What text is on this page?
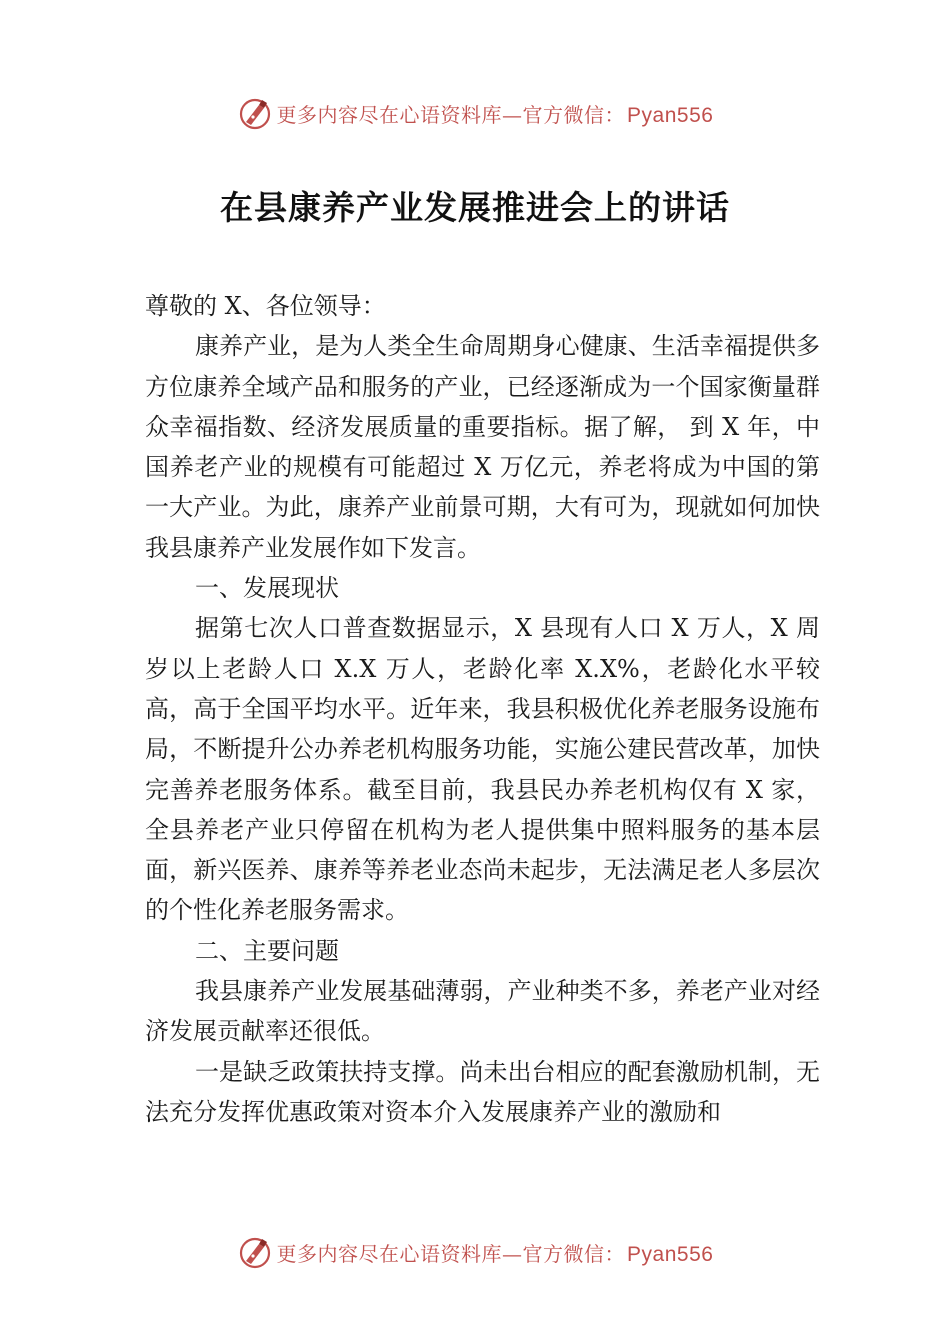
更多内容尽在心语资料库—官方微信：Pyan556
在县康养产业发展推进会上的讲话

尊敬的 X、各位领导：

康养产业，是为人类全生命周期身心健康、生活幸福提供多方位康养全域产品和服务的产业，已经逐渐成为一个国家衡量群众幸福指数、经济发展质量的重要指标。据了解， 到 X 年，中国养老产业的规模有可能超过 X 万亿元，养老将成为中国的第一大产业。为此，康养产业前景可期，大有可为，现就如何加快我县康养产业发展作如下发言。

一、发展现状

据第七次人口普查数据显示，X 县现有人口 X 万人，X 周岁以上老龄人口 X.X 万人，老龄化率 X.X%，老龄化水平较高，高于全国平均水平。近年来，我县积极优化养老服务设施布局，不断提升公办养老机构服务功能，实施公建民营改革，加快完善养老服务体系。截至目前，我县民办养老机构仅有 X 家，全县养老产业只停留在机构为老人提供集中照料服务的基本层面，新兴医养、康养等养老业态尚未起步，无法满足老人多层次的个性化养老服务需求。

二、主要问题

我县康养产业发展基础薄弱，产业种类不多，养老产业对经济发展贡献率还很低。

一是缺乏政策扶持支撑。尚未出台相应的配套激励机制，无法充分发挥优惠政策对资本介入发展康养产业的激励和

更多内容尽在心语资料库—官方微信：Pyan556
